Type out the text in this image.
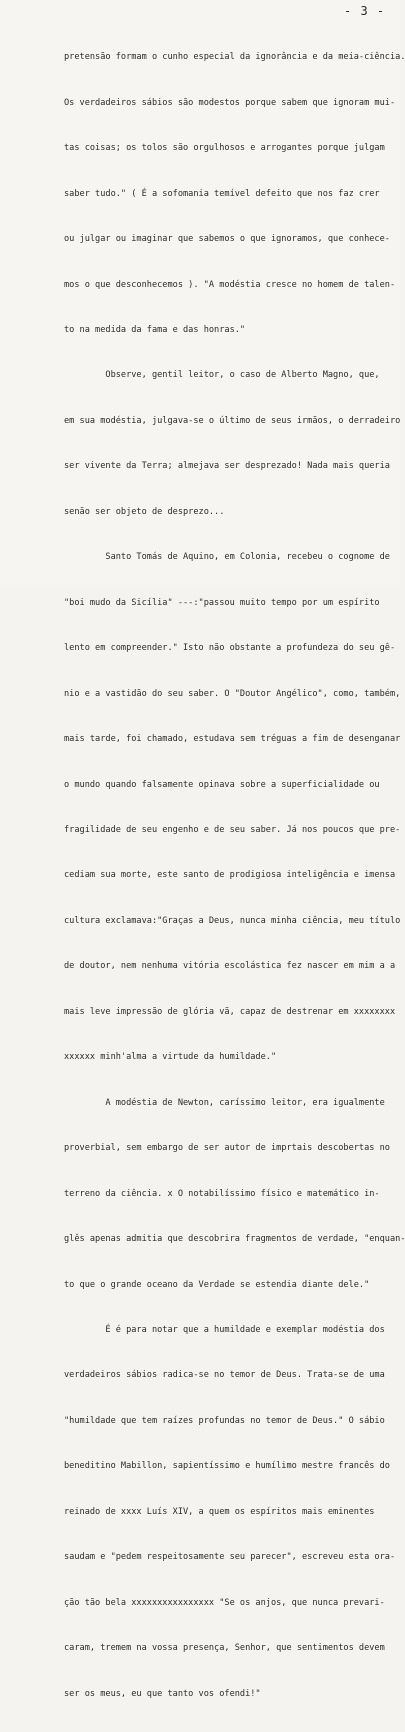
- 3 -

pretensão formam o cunho especial da ignorância e da meia-ciência.

Os verdadeiros sábios são modestos porque sabem que ignoram mui-

tas coisas; os tolos são orgulhosos e arrogantes porque julgam

saber tudo." ( É a sofomania temível defeito que nos faz crer

ou julgar ou imaginar que sabemos o que ignoramos, que conhece-

mos o que desconhecemos ). "A modéstia cresce no homem de talen-

to na medida da fama e das honras."

Observe, gentil leitor, o caso de Alberto Magno, que,

em sua modéstia, julgava-se o último de seus irmãos, o derradeiro

ser vivente da Terra; almejava ser desprezado! Nada mais queria

senão ser objeto de desprezo...

Santo Tomás de Aquino, em Colonia, recebeu o cognome de

"boi mudo da Sicília" ---:"passou muito tempo por um espírito

lento em compreender." Isto não obstante a profundeza do seu gê-

nio e a vastidão do seu saber. O "Doutor Angélico", como, também,

mais tarde, foi chamado, estudava sem tréguas a fim de desenganar

o mundo quando falsamente opinava sobre a superficialidade ou

fragilidade de seu engenho e de seu saber. Já nos poucos que pre-

cediam sua morte, este santo de prodigiosa inteligência e imensa

cultura exclamava:"Graças a Deus, nunca minha ciência, meu título

de doutor, nem nenhuma vitória escolástica fez nascer em mim a a

mais leve impressão de glória vã, capaz de destrenar em xxxxxxxx

xxxxxx minh'alma a virtude da humildade."

A modéstia de Newton, caríssimo leitor, era igualmente

proverbial, sem embargo de ser autor de imprtais descobertas no

terreno da ciência. x O notabilíssimo físico e matemático in-

glês apenas admitia que descobrira fragmentos de verdade, "enquan-

to que o grande oceano da Verdade se estendia diante dele."

É é para notar que a humildade e exemplar modéstia dos

verdadeiros sábios radica-se no temor de Deus. Trata-se de uma

"humildade que tem raízes profundas no temor de Deus." O sábio

beneditino Mabillon, sapientíssimo e humílimo mestre francês do

reinado de xxxx Luís XIV, a quem os espíritos mais eminentes

saudam e "pedem respeitosamente seu parecer", escreveu esta ora-

ção tão bela xxxxxxxxxxxxxxxx "Se os anjos, que nunca prevari-

caram, tremem na vossa presença, Senhor, que sentimentos devem

ser os meus, eu que tanto vos ofendi!"
